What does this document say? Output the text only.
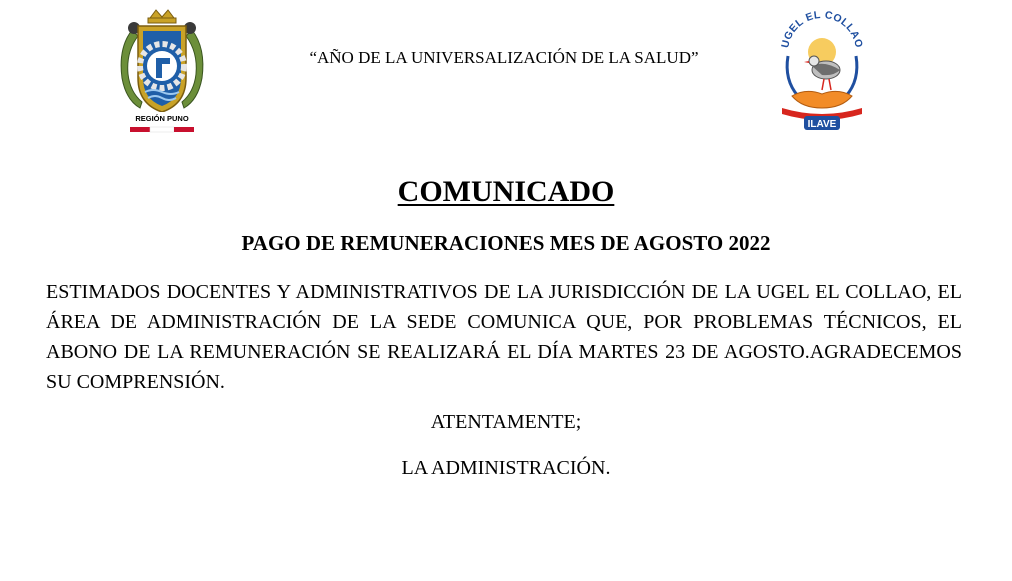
REGIÓN PUNO
“AÑO DE LA UNIVERSALIZACIÓN DE LA SALUD”
UGEL EL COLLAO
ILAVE
COMUNICADO
PAGO DE REMUNERACIONES MES DE AGOSTO 2022

ESTIMADOS DOCENTES Y ADMINISTRATIVOS DE LA JURISDICCIÓN DE LA UGEL EL COLLAO, EL ÁREA DE ADMINISTRACIÓN DE LA SEDE COMUNICA QUE, POR PROBLEMAS TÉCNICOS, EL ABONO DE LA REMUNERACIÓN SE REALIZARÁ EL DÍA MARTES 23 DE AGOSTO.AGRADECEMOS SU COMPRENSIÓN.

ATENTAMENTE;
LA ADMINISTRACIÓN.
